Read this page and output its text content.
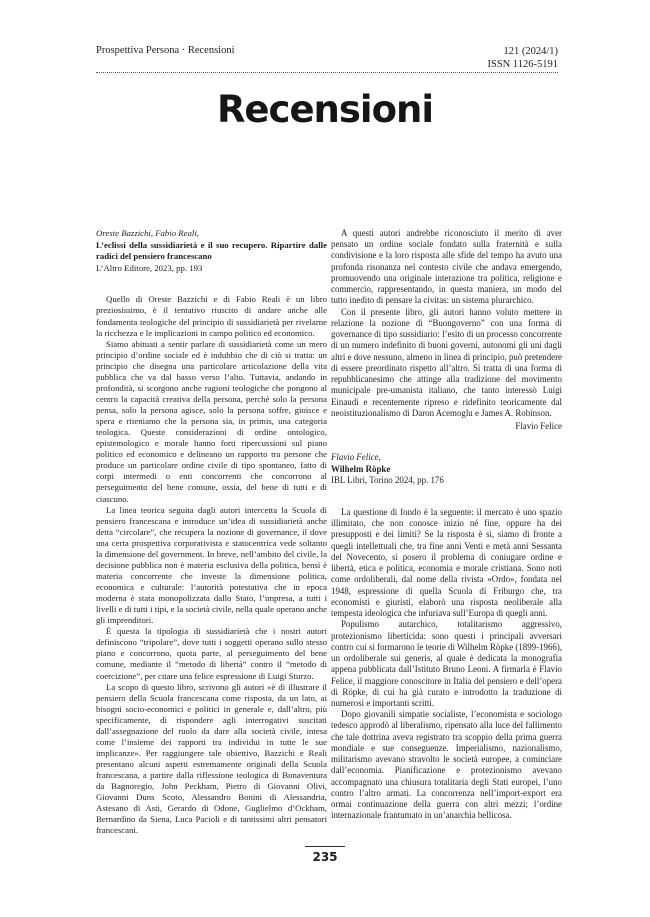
Prospettiva Persona · Recensioni	121 (2024/1)
ISSN 1126-5191
Recensioni
Oreste Bazzichi, Fabio Reali,
L’eclissi della sussidiarietà e il suo recupero. Ripartire dalle radici del pensiero francescano
L’Altro Editore, 2023, pp. 193

Quello di Oreste Bazzichi e di Fabio Reali è un libro preziosissimo, è il tentativo riuscito di andare anche alle fondamenta teologiche del principio di sussidiarietà per rivelarne la ricchezza e le implicazioni in campo politico ed economico.

Siamo abituati a sentir parlare di sussidiarietà come un mero principio d’ordine sociale ed è indubbio che di ciò si tratta: un principio che disegna una particolare articolazione della vita pubblica che va dal basso verso l’alto. Tuttavia, andando in profondità, si scorgono anche ragioni teologiche che pongono al centro la capacità creativa della persona, perché solo la persona pensa, solo la persona agisce, solo la persona soffre, gioisce e spera e riteniamo che la persona sia, in primis, una categoria teologica. Queste considerazioni di ordine ontologico, epistemologico e morale hanno forti ripercussioni sul piano politico ed economico e delineano un rapporto tra persone che produce un particolare ordine civile di tipo spontaneo, fatto di corpi intermedi o enti concorrenti che concorrono al perseguimento del bene comune, ossia, del bene di tutti e di ciascuno.

La linea teorica seguita dagli autori intercetta la Scuola di pensiero francescana e introduce un’idea di sussidiarietà anche detta “circolare”, che recupera la nozione di governance, il dove una certa prospettiva corporativista e statocentrica vede soltanto la dimensione del government. In breve, nell’ambito del civile, la decisione pubblica non è materia esclusiva della politica, bensì è materia concorrente che investe la dimensione politica, economica e culturale: l’autorità potestativa che in epoca moderna è stata monopolizzata dallo Stato, l’impresa, a tutti i livelli e di tutti i tipi, e la società civile, nella quale operano anche gli imprenditori.

È questa la tipologia di sussidiarietà che i nostri autori definiscono “tripolare”, dove tutti i soggetti operano sullo stesso piano e concorrono, quota parte, al perseguimento del bene comune, mediante il “metodo di libertà” contro il “metodo di coercizione”, per citare una felice espressione di Luigi Sturzo.

La scopo di questo libro, scrivono gli autori «è di illustrare il pensiero della Scuola francescana come risposta, da un lato, ai bisogni socio-economici e politici in generale e, dall’altro, più specificamente, di rispondere agli interrogativi suscitati dall’assegnazione del ruolo da dare alla società civile, intesa come l’insieme dei rapporti tra individui in tutte le sue implicanze». Per raggiungere tale obiettivo, Bazzichi e Reali presentano alcuni aspetti estremamente originali della Scuola francescana, a partire dalla riflessione teologica di Bonaventura da Bagnoregio, John Peckham, Pietro di Giovanni Olivi, Giovanni Duns Scoto, Alessandro Bonini di Alessandria, Astesano di Asti, Gerardo di Odone, Guglielmo d’Ockham, Bernardino da Siena, Luca Pacioli e di tantissimi altri pensatori francescani.

A questi autori andrebbe riconosciuto il merito di aver pensato un ordine sociale fondato sulla fraternità e sulla condivisione e la loro risposta alle sfide del tempo ha avuto una profonda risonanza nel contesto civile che andava emergendo, promuovendo una originale interazione tra politica, religione e commercio, rappresentando, in questa maniera, un modo del tutto inedito di pensare la civitas: un sistema plurarchico.

Con il presente libro, gli autori hanno voluto mettere in relazione la nozione di “Buongoverno” con una forma di governance di tipo sussidiario: l’esito di un processo concorrente di un numero indefinito di buoni governi, autonomi gli uni dagli altri e dove nessuno, almeno in linea di principio, può pretendere di essere preordinato rispetto all’altro. Si tratta di una forma di repubblicanesimo che attinge alla tradizione del movimento municipale pre-umanista italiano, che tanto interessò Luigi Einaudi e recentemente ripreso e ridefinito teoricamente dal neoistituzionalismo di Daron Acemoglu e James A. Robinson.

Flavio Felice
Flavio Felice,
Wilhelm Röpke
IBL Libri, Torino 2024, pp. 176

La questione di fondo è la seguente: il mercato è uno spazio illimitato, che non conosce inizio né fine, oppure ha dei presupposti e dei limiti? Se la risposta è sì, siamo di fronte a quegli intellettuali che, tra fine anni Venti e metà anni Sessanta del Novecento, si posero il problema di coniugare ordine e libertà, etica e politica, economia e morale cristiana. Sono noti come ordoliberali, dal nome della rivista «Ordo», fondata nel 1948, espressione di quella Scuola di Friburgo che, tra economisti e giuristi, elaborò una risposta neoliberale alla tempesta ideologica che infuriava sull’Europa di quegli anni.

Populismo autarchico, totalitarismo aggressivo, protezionismo liberticida: sono questi i principali avversari contro cui si formarono le teorie di Wilhelm Röpke (1899-1966), un ordoliberale sui generis, al quale è dedicata la monografia appena pubblicata dall’Istituto Bruno Leoni. A firmarla è Flavio Felice, il maggiore conoscitore in Italia del pensiero e dell’opera di Röpke, di cui ha già curato e introdotto la traduzione di numerosi e importanti scritti.

Dopo giovanili simpatie socialiste, l’economista e sociologo tedesco approdò al liberalismo, ripensato alla luce del fallimento che tale dottrina aveva registrato tra scoppio della prima guerra mondiale e sue conseguenze. Imperialismo, nazionalismo, militarismo avevano stravolto le società europee, a cominciare dall’economia. Pianificazione e protezionismo avevano accompagnato una chiusura totalitaria degli Stati europei, l’uno contro l’altro armati. La concorrenza nell’import-export era ormai continuazione della guerra con altri mezzi; l’ordine internazionale frantumato in un’anarchia bellicosa.

235
